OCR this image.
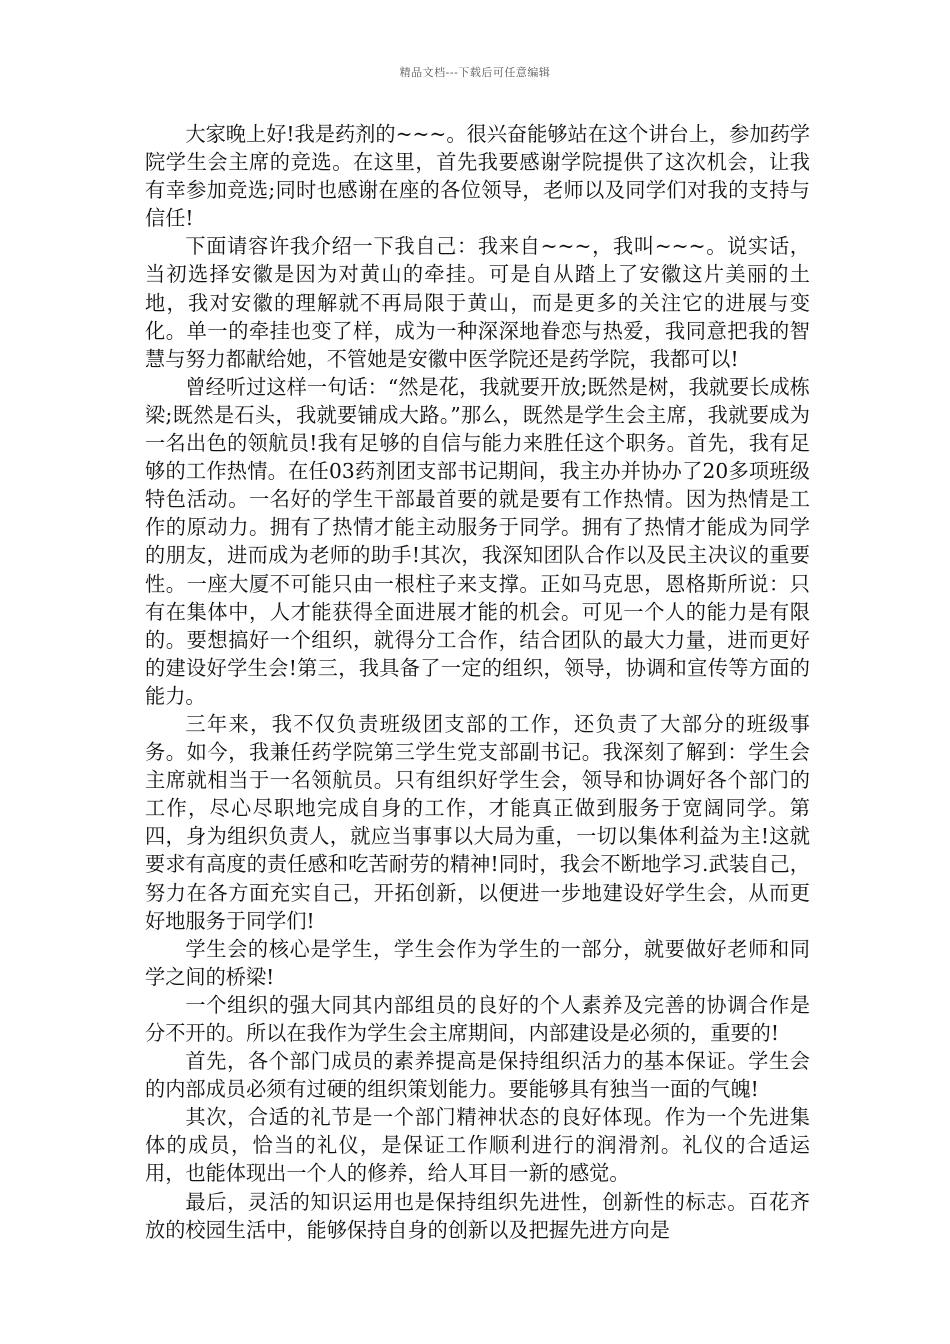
精品文档---下载后可任意编辑

大家晚上好!我是药剂的~~~。很兴奋能够站在这个讲台上，参加药学院学生会主席的竞选。在这里，首先我要感谢学院提供了这次机会，让我有幸参加竞选;同时也感谢在座的各位领导，老师以及同学们对我的支持与信任!

下面请容许我介绍一下我自己：我来自~~~，我叫~~~。说实话，当初选择安徽是因为对黄山的牵挂。可是自从踏上了安徽这片美丽的土地，我对安徽的理解就不再局限于黄山，而是更多的关注它的进展与变化。单一的牵挂也变了样，成为一种深深地眷恋与热爱，我同意把我的智慧与努力都献给她，不管她是安徽中医学院还是药学院，我都可以!

曾经听过这样一句话：“然是花，我就要开放;既然是树，我就要长成栋梁;既然是石头，我就要铺成大路。”那么，既然是学生会主席，我就要成为一名出色的领航员!我有足够的自信与能力来胜任这个职务。首先，我有足够的工作热情。在任03药剂团支部书记期间，我主办并协办了20多项班级特色活动。一名好的学生干部最首要的就是要有工作热情。因为热情是工作的原动力。拥有了热情才能主动服务于同学。拥有了热情才能成为同学的朋友，进而成为老师的助手!其次，我深知团队合作以及民主决议的重要性。一座大厦不可能只由一根柱子来支撑。正如马克思，恩格斯所说：只有在集体中，人才能获得全面进展才能的机会。可见一个人的能力是有限的。要想搞好一个组织，就得分工合作，结合团队的最大力量，进而更好的建设好学生会!第三，我具备了一定的组织，领导，协调和宣传等方面的能力。

三年来，我不仅负责班级团支部的工作，还负责了大部分的班级事务。如今，我兼任药学院第三学生党支部副书记。我深刻了解到：学生会主席就相当于一名领航员。只有组织好学生会，领导和协调好各个部门的工作，尽心尽职地完成自身的工作，才能真正做到服务于宽阔同学。第四，身为组织负责人，就应当事事以大局为重，一切以集体利益为主!这就要求有高度的责任感和吃苦耐劳的精神!同时，我会不断地学习.武装自己，努力在各方面充实自己，开拓创新，以便进一步地建设好学生会，从而更好地服务于同学们!

学生会的核心是学生，学生会作为学生的一部分，就要做好老师和同学之间的桥梁!

一个组织的强大同其内部组员的良好的个人素养及完善的协调合作是分不开的。所以在我作为学生会主席期间，内部建设是必须的，重要的!

首先，各个部门成员的素养提高是保持组织活力的基本保证。学生会的内部成员必须有过硬的组织策划能力。要能够具有独当一面的气魄!

其次，合适的礼节是一个部门精神状态的良好体现。作为一个先进集体的成员，恰当的礼仪，是保证工作顺利进行的润滑剂。礼仪的合适运用，也能体现出一个人的修养，给人耳目一新的感觉。

最后，灵活的知识运用也是保持组织先进性，创新性的标志。百花齐放的校园生活中，能够保持自身的创新以及把握先进方向是
